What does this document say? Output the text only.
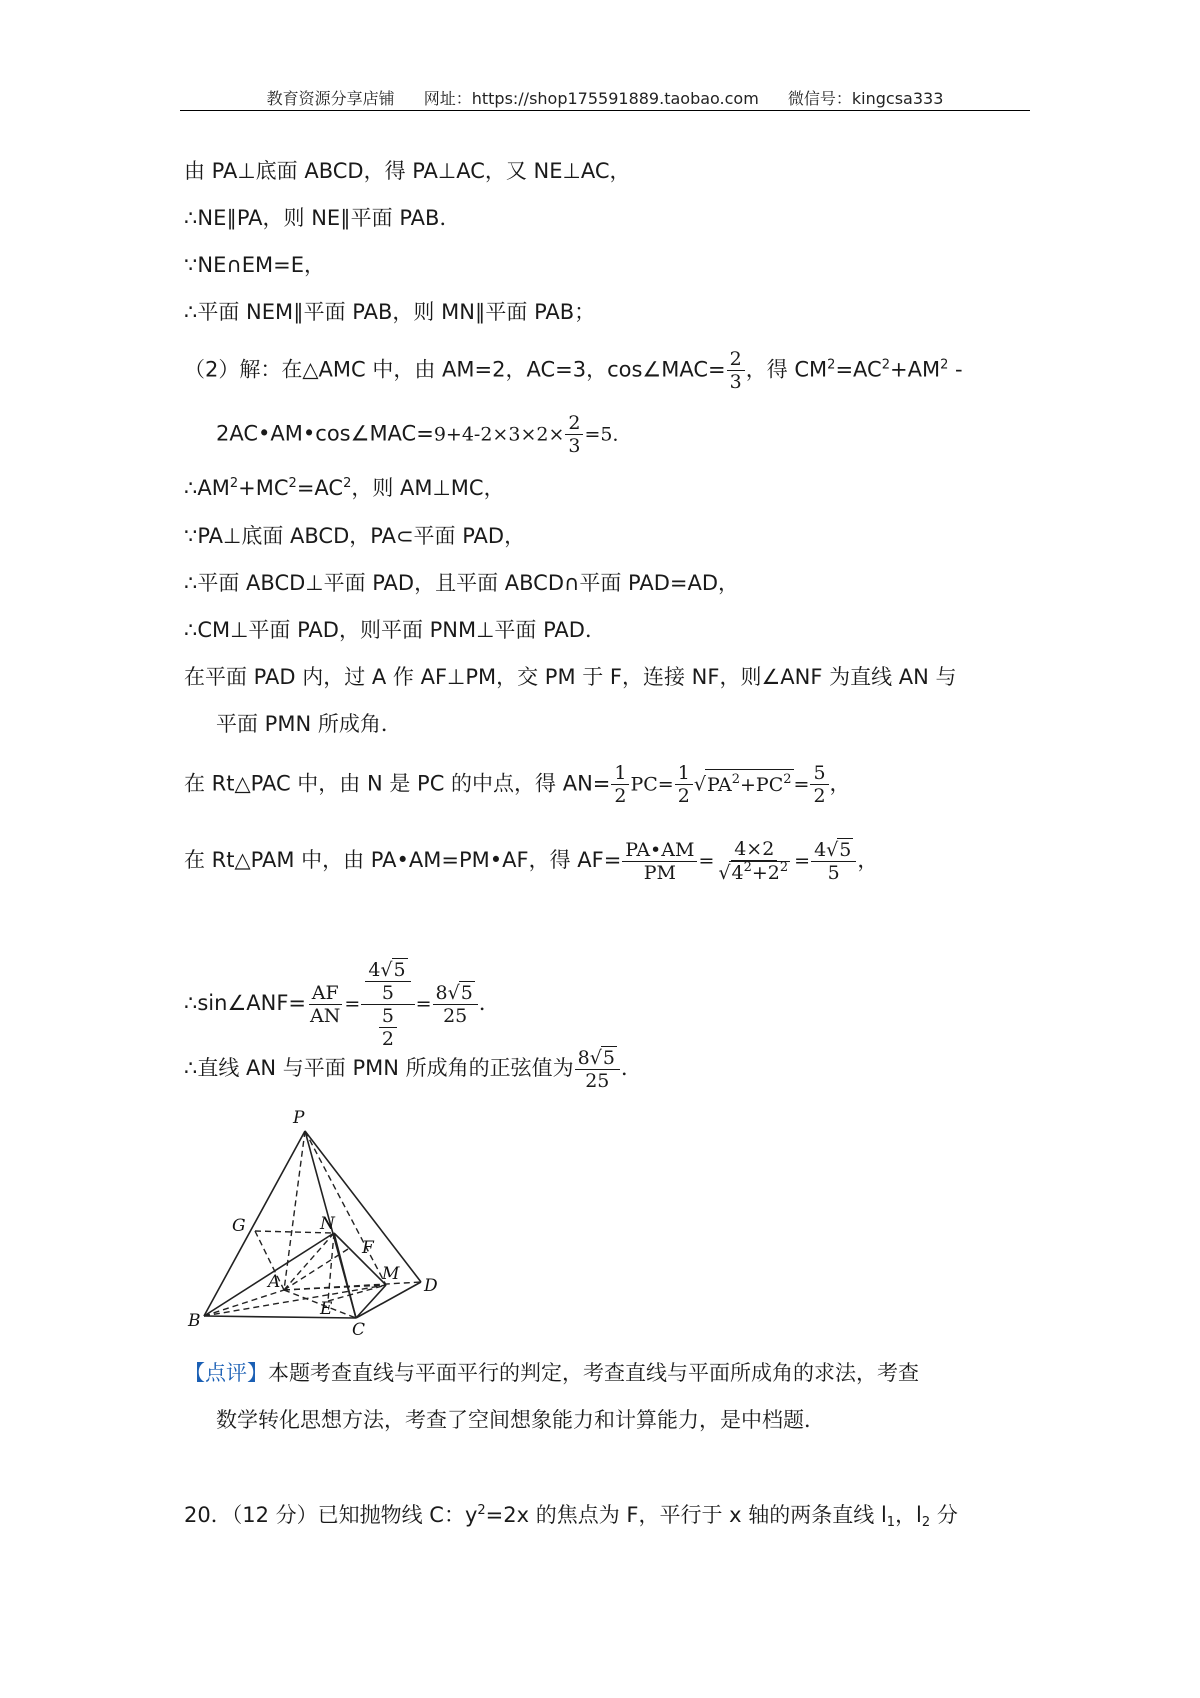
教育资源分享店铺 网址：https://shop175591889.taobao.com 微信号：kingcsa333
由 PA⊥底面 ABCD，得 PA⊥AC，又 NE⊥AC，
∴NE∥PA，则 NE∥平面 PAB．
∵NE∩EM=E，
∴平面 NEM∥平面 PAB，则 MN∥平面 PAB；
（2）解：在△AMC 中，由 AM=2，AC=3，cos∠MAC= $\frac{2}{3}$ ，得 $CM^2=AC^2+AM^2$ -
2AC•AM•cos∠MAC=9+4-2×3×2× $\frac{2}{3} =5$．
$\therefore AM^2+MC^2=AC^2$，则 AM⊥MC，
∵PA⊥底面 ABCD，PA⊂平面 PAD，
∴平面 ABCD⊥平面 PAD，且平面 ABCD∩平面 PAD=AD，
∴CM⊥平面 PAD，则平面 PNM⊥平面 PAD．
在平面 PAD 内，过 A 作 AF⊥PM，交 PM 于 F，连接 NF，则∠ANF 为直线 AN 与
平面 PMN 所成角．
在 Rt△PAC 中，由 N 是 PC 的中点，得 $AN= \frac{1}{2} PC= \frac{1}{2} √PA^2+PC^2 = \frac{5}{2}$ ，
在 Rt△PAM 中，由 PA•AM=PM•AF，得 $AF= \frac{PA•AM}{PM} = \frac{4\times 2}{√4^2+2^2} = \frac{4√5}{5}$ ，
∴sin∠ANF= $\frac{AF}{AN} = \frac{\frac{4√5}{5}}{\frac{5}{2}} = \frac{8√5}{25}$ ．
∴直线 AN 与平面 PMN 所成角的正弦值为 $\frac{8√5}{25}$ ．
P
G	N
F
A	M
D
E
B	C
【点评】本题考查直线与平面平行的判定，考查直线与平面所成角的求法，考查
数学转化思想方法，考查了空间想象能力和计算能力，是中档题．
20．（12 分）已知抛物线 C：$y^2=2x$ 的焦点为 F，平行于 x 轴的两条直线 $l_1$，$l_2$ 分
